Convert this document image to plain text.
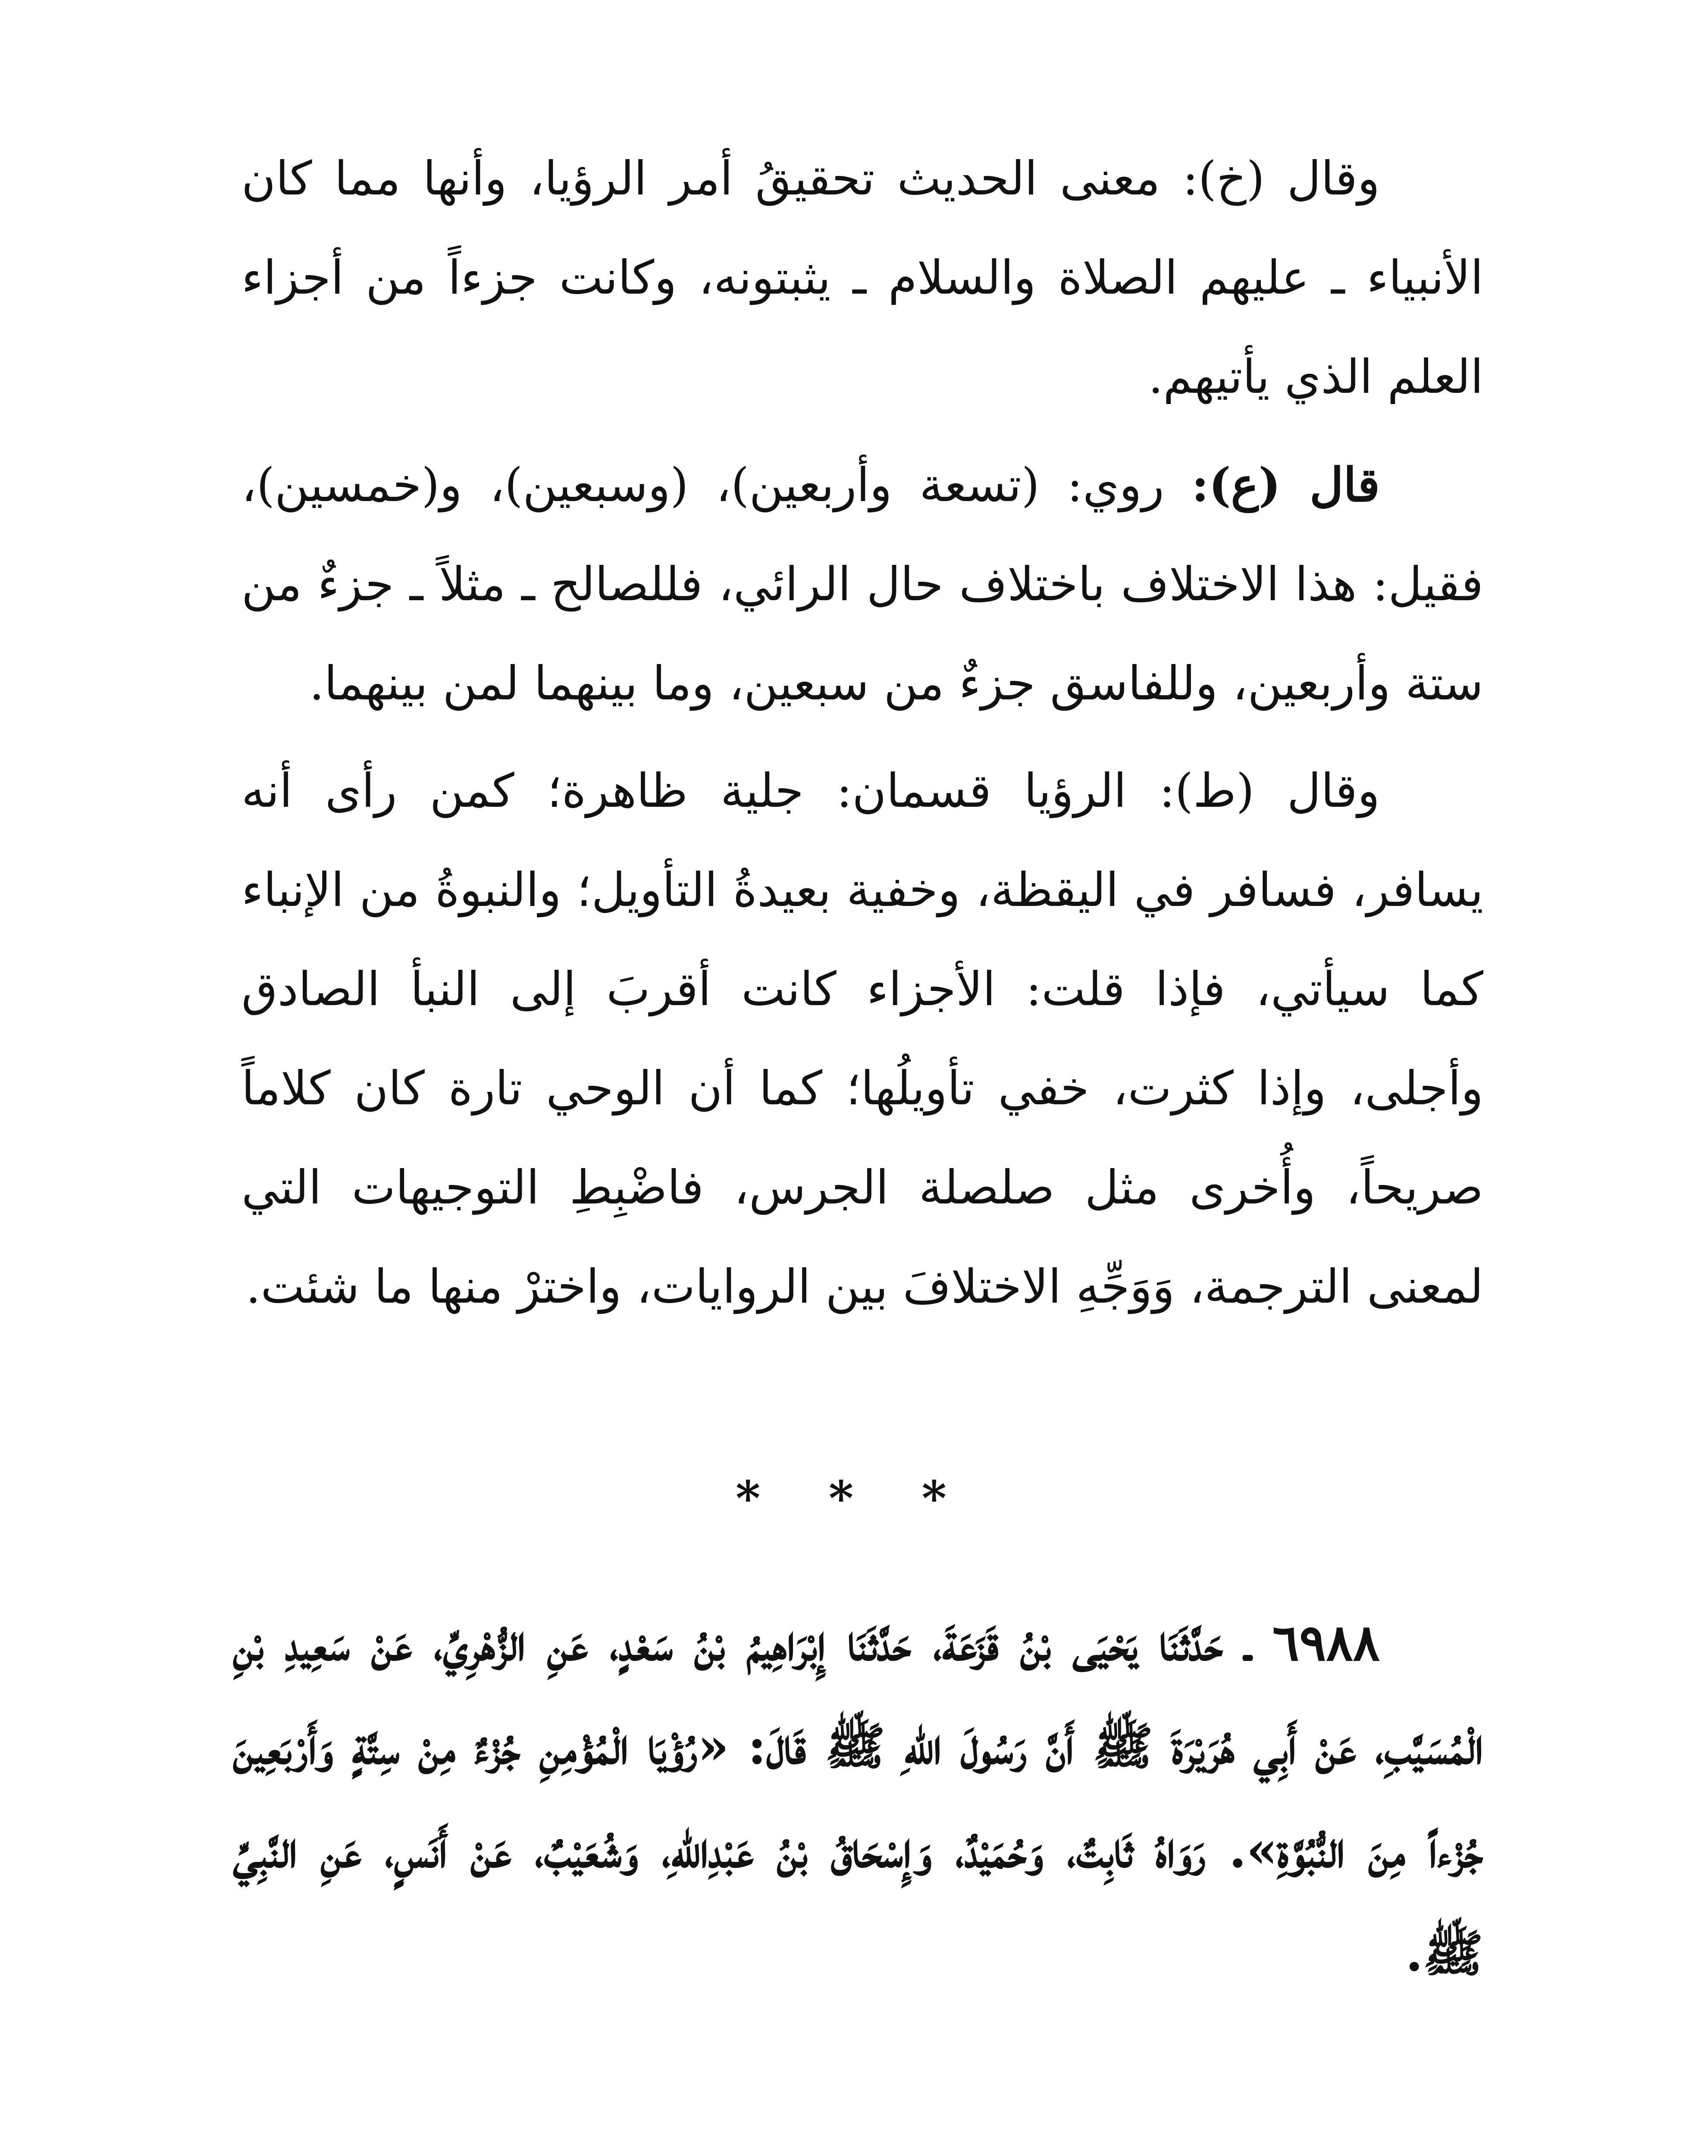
وقال (خ): معنى الحديث تحقيقُ أمر الرؤيا، وأنها مما كان الأنبياء ـ عليهم الصلاة والسلام ـ يثبتونه، وكانت جزءاً من أجزاء العلم الذي يأتيهم.

قال (ع): روي: (تسعة وأربعين)، (وسبعين)، و(خمسين)، فقيل: هذا الاختلاف باختلاف حال الرائي، فللصالح ـ مثلاً ـ جزءٌ من ستة وأربعين، وللفاسق جزءٌ من سبعين، وما بينهما لمن بينهما.

وقال (ط): الرؤيا قسمان: جلية ظاهرة؛ كمن رأى أنه يسافر، فسافر في اليقظة، وخفية بعيدةُ التأويل؛ والنبوةُ من الإنباء كما سيأتي، فإذا قلت: الأجزاء كانت أقربَ إلى النبأ الصادق وأجلى، وإذا كثرت، خفي تأويلُها؛ كما أن الوحي تارة كان كلاماً صريحاً، وأُخرى مثل صلصلة الجرس، فاضْبِطِ التوجيهات التي لمعنى الترجمة، وَوَجِّهِ الاختلافَ بين الروايات، واخترْ منها ما شئت.

* * *

٦٩٨٨ ـ حَدَّثَنَا يَحْيَى بْنُ قَزَعَةَ، حَدَّثَنَا إِبْرَاهِيمُ بْنُ سَعْدٍ، عَنِ الزُّهْرِيِّ، عَنْ سَعِيدِ بْنِ الْمُسَيَّبِ، عَنْ أَبِي هُرَيْرَةَ ﷺ أَنَّ رَسُولَ اللهِ ﷺ قَالَ: «رُؤْيَا الْمُؤْمِنِ جُزْءٌ مِنْ سِتَّةٍ وَأَرْبَعِينَ جُزْءاً مِنَ النُّبُوَّةِ». رَوَاهُ ثَابِتٌ، وَحُمَيْدٌ، وَإِسْحَاقُ بْنُ عَبْدِاللهِ، وَشُعَيْبٌ، عَنْ أَنَسٍ، عَنِ النَّبِيِّ ﷺ.
